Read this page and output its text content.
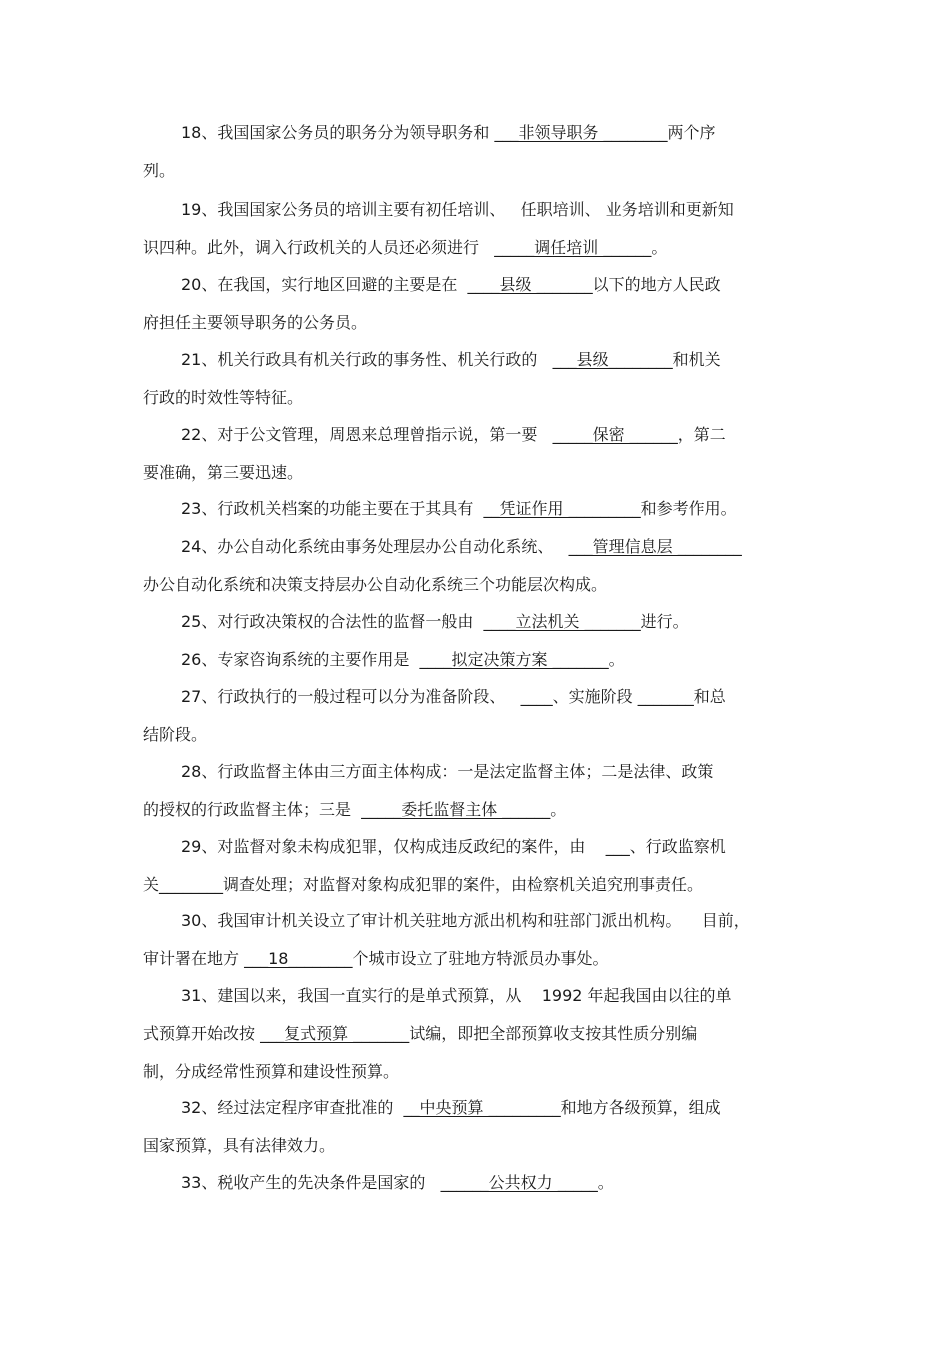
18、我国国家公务员的职务分为领导职务和 ___非领导职务 ________两个序
列。
19、我国国家公务员的培训主要有初任培训、   任职培训、 业务培训和更新知
识四种。此外，调入行政机关的人员还必须进行   _____调任培训 ______。
20、在我国，实行地区回避的主要是在  ____县级 _______以下的地方人民政
府担任主要领导职务的公务员。
21、机关行政具有机关行政的事务性、机关行政的   ___县级________和机关
行政的时效性等特征。
22、对于公文管理，周恩来总理曾指示说，第一要   _____保密 ______，第二
要准确，第三要迅速。
23、行政机关档案的功能主要在于其具有  __凭证作用 _________和参考作用。
24、办公自动化系统由事务处理层办公自动化系统、   ___管理信息层 ________
办公自动化系统和决策支持层办公自动化系统三个功能层次构成。
25、对行政决策权的合法性的监督一般由  ____立法机关 _______进行。
26、专家咨询系统的主要作用是  ____拟定决策方案 _______。
27、行政执行的一般过程可以分为准备阶段、   ____、实施阶段 _______和总
结阶段。
28、行政监督主体由三方面主体构成：一是法定监督主体；二是法律、政策
的授权的行政监督主体；三是  _____委托监督主体 ______。
29、对监督对象未构成犯罪，仅构成违反政纪的案件，由    ___、行政监察机
关________调查处理；对监督对象构成犯罪的案件，由检察机关追究刑事责任。
30、我国审计机关设立了审计机关驻地方派出机构和驻部门派出机构。    目前，
审计署在地方 ___18________个城市设立了驻地方特派员办事处。
31、建国以来，我国一直实行的是单式预算，从    1992 年起我国由以往的单
式预算开始改按 ___复式预算 _______试编，即把全部预算收支按其性质分别编
制，分成经常性预算和建设性预算。
32、经过法定程序审查批准的  __中央预算 _________和地方各级预算，组成
国家预算，具有法律效力。
33、税收产生的先决条件是国家的   ______公共权力 _____。
